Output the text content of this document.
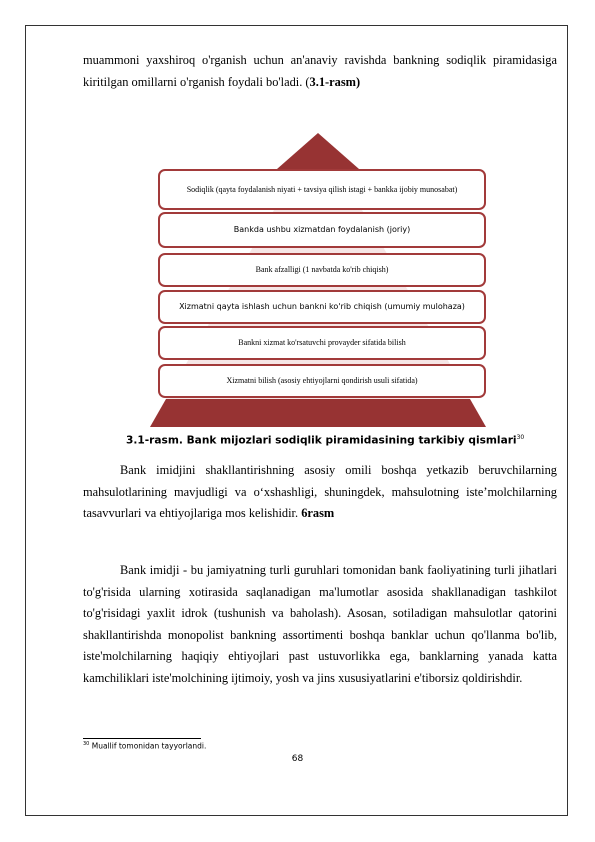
muammoni yaxshiroq o'rganish uchun an'anaviy ravishda bankning sodiqlik piramidasiga kiritilgan omillarni o'rganish foydali bo'ladi. (3.1-rasm)
Sodiqlik (qayta foydalanish niyati + tavsiya qilish istagi + bankka ijobiy munosabat)
Bankda ushbu xizmatdan foydalanish (joriy)
Bank afzalligi (1 navbatda ko'rib chiqish)
Xizmatni qayta ishlash uchun bankni ko'rib chiqish (umumiy mulohaza)
Bankni xizmat ko'rsatuvchi provayder sifatida bilish
Xizmatni bilish (asosiy ehtiyojlarni qondirish usuli sifatida)
3.1-rasm. Bank mijozlari sodiqlik piramidasining tarkibiy qismlari$^{30}$
Bank imidjini shakllantirishning asosiy omili boshqa yetkazib beruvchilarning mahsulotlarining mavjudligi va o‘xshashligi, shuningdek, mahsulotning iste’molchilarning tasavvurlari va ehtiyojlariga mos kelishidir. 6rasm
Bank imidji - bu jamiyatning turli guruhlari tomonidan bank faoliyatining turli jihatlari to'g'risida ularning xotirasida saqlanadigan ma'lumotlar asosida shakllanadigan tashkilot to'g'risidagi yaxlit idrok (tushunish va baholash). Asosan, sotiladigan mahsulotlar qatorini shakllantirishda monopolist bankning assortimenti boshqa banklar uchun qo'llanma bo'lib, iste'molchilarning haqiqiy ehtiyojlari past ustuvorlikka ega, banklarning yanada katta kamchiliklari iste'molchining ijtimoiy, yosh va jins xususiyatlarini e'tiborsiz qoldirishdir.
$^{30}$ Muallif tomonidan tayyorlandi.
68
